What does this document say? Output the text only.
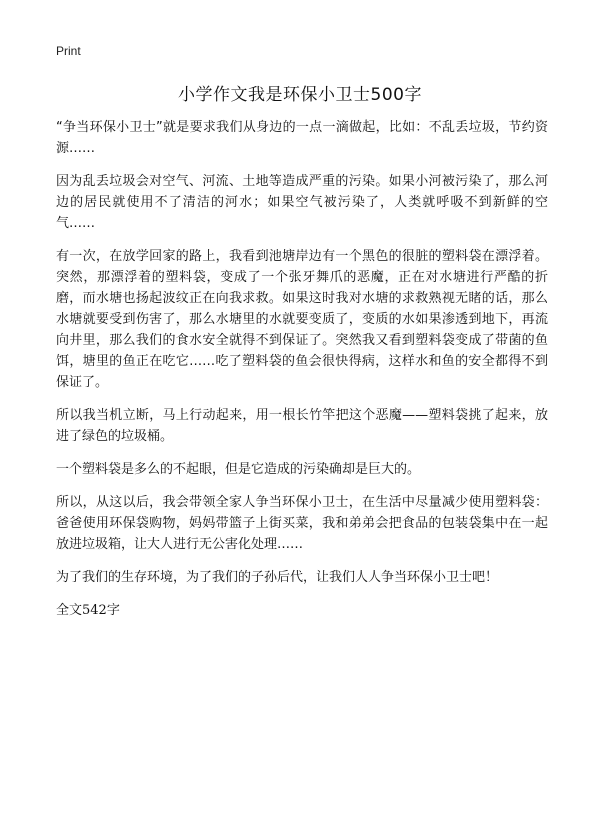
Print
小学作文我是环保小卫士500字

“争当环保小卫士”就是要求我们从身边的一点一滴做起，比如：不乱丢垃圾，节约资源……

因为乱丢垃圾会对空气、河流、土地等造成严重的污染。如果小河被污染了，那么河边的居民就使用不了清洁的河水；如果空气被污染了，人类就呼吸不到新鲜的空气……

有一次，在放学回家的路上，我看到池塘岸边有一个黑色的很脏的塑料袋在漂浮着。突然，那漂浮着的塑料袋，变成了一个张牙舞爪的恶魔，正在对水塘进行严酷的折磨，而水塘也扬起波纹正在向我求救。如果这时我对水塘的求救熟视无睹的话，那么水塘就要受到伤害了，那么水塘里的水就要变质了，变质的水如果渗透到地下，再流向井里，那么我们的食水安全就得不到保证了。突然我又看到塑料袋变成了带菌的鱼饵，塘里的鱼正在吃它……吃了塑料袋的鱼会很快得病，这样水和鱼的安全都得不到保证了。

所以我当机立断，马上行动起来，用一根长竹竿把这个恶魔——塑料袋挑了起来，放进了绿色的垃圾桶。

一个塑料袋是多么的不起眼，但是它造成的污染确却是巨大的。

所以，从这以后，我会带领全家人争当环保小卫士，在生活中尽量减少使用塑料袋：爸爸使用环保袋购物，妈妈带篮子上街买菜，我和弟弟会把食品的包装袋集中在一起放进垃圾箱，让大人进行无公害化处理……

为了我们的生存环境，为了我们的子孙后代，让我们人人争当环保小卫士吧！

全文542字
